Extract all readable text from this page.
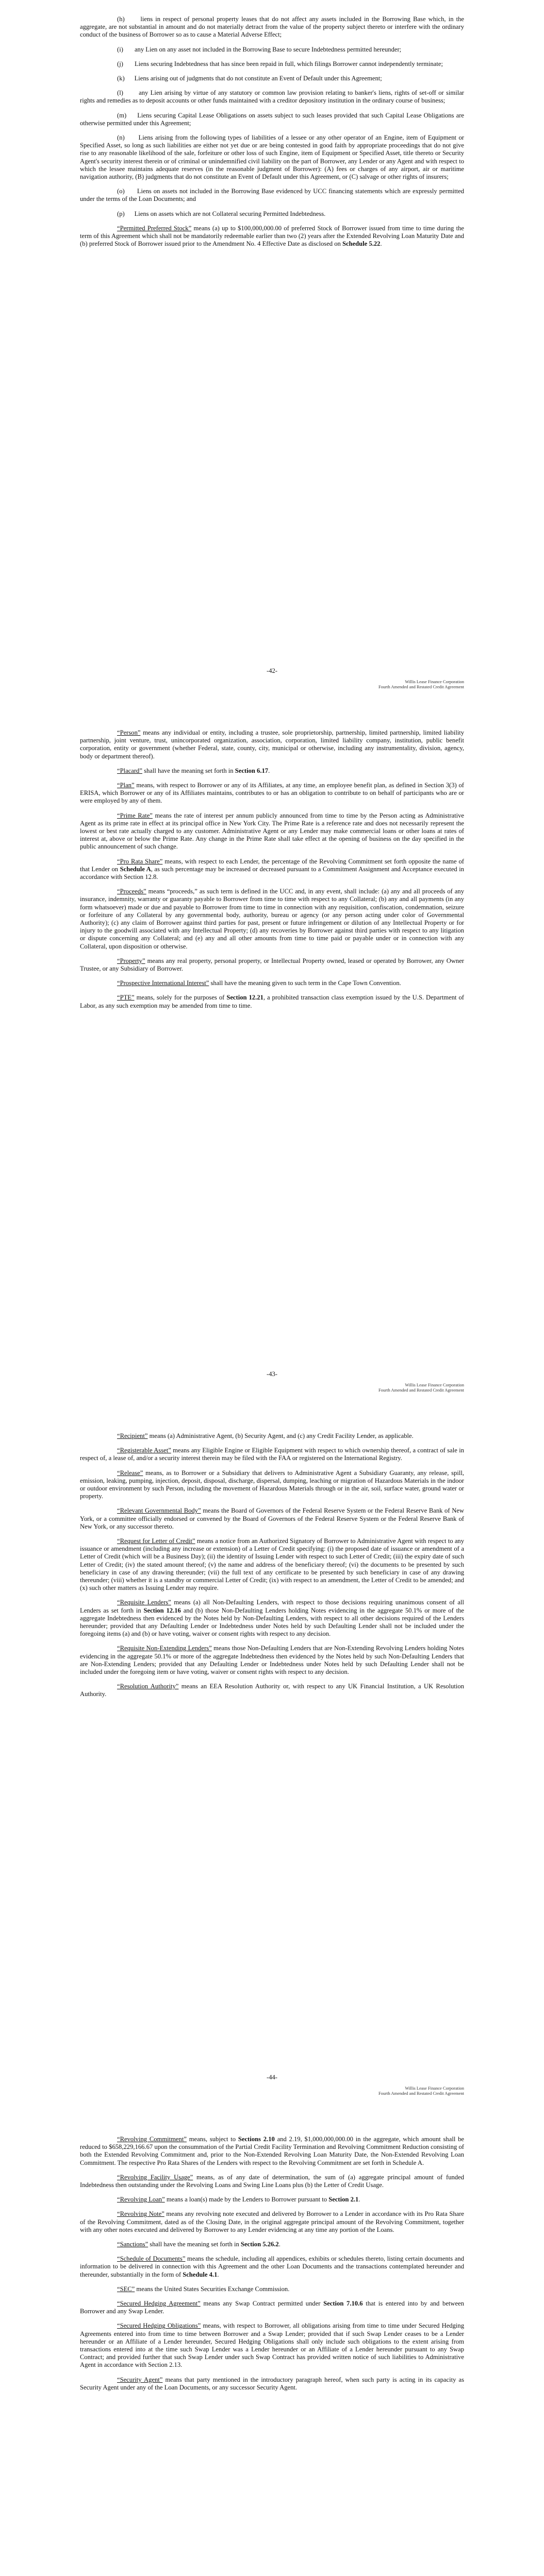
(h) liens in respect of personal property leases that do not affect any assets included in the Borrowing Base which, in the aggregate, are not substantial in amount and do not materially detract from the value of the property subject thereto or interfere with the ordinary conduct of the business of Borrower so as to cause a Material Adverse Effect;

(i) any Lien on any asset not included in the Borrowing Base to secure Indebtedness permitted hereunder;

(j) Liens securing Indebtedness that has since been repaid in full, which filings Borrower cannot independently terminate;

(k) Liens arising out of judgments that do not constitute an Event of Default under this Agreement;

(l) any Lien arising by virtue of any statutory or common law provision relating to banker's liens, rights of set-off or similar rights and remedies as to deposit accounts or other funds maintained with a creditor depository institution in the ordinary course of business;

(m) Liens securing Capital Lease Obligations on assets subject to such leases provided that such Capital Lease Obligations are otherwise permitted under this Agreement;

(n) Liens arising from the following types of liabilities of a lessee or any other operator of an Engine, item of Equipment or Specified Asset, so long as such liabilities are either not yet due or are being contested in good faith by appropriate proceedings that do not give rise to any reasonable likelihood of the sale, forfeiture or other loss of such Engine, item of Equipment or Specified Asset, title thereto or Security Agent's security interest therein or of criminal or unindemnified civil liability on the part of Borrower, any Lender or any Agent and with respect to which the lessee maintains adequate reserves (in the reasonable judgment of Borrower): (A) fees or charges of any airport, air or maritime navigation authority, (B) judgments that do not constitute an Event of Default under this Agreement, or (C) salvage or other rights of insurers;

(o) Liens on assets not included in the Borrowing Base evidenced by UCC financing statements which are expressly permitted under the terms of the Loan Documents; and

(p) Liens on assets which are not Collateral securing Permitted Indebtedness.

“Permitted Preferred Stock” means (a) up to $100,000,000.00 of preferred Stock of Borrower issued from time to time during the term of this Agreement which shall not be mandatorily redeemable earlier than two (2) years after the Extended Revolving Loan Maturity Date and (b) preferred Stock of Borrower issued prior to the Amendment No. 4 Effective Date as disclosed on Schedule 5.22.

-42-
Willis Lease Finance Corporation
Fourth Amended and Restated Credit Agreement

“Person” means any individual or entity, including a trustee, sole proprietorship, partnership, limited partnership, limited liability partnership, joint venture, trust, unincorporated organization, association, corporation, limited liability company, institution, public benefit corporation, entity or government (whether Federal, state, county, city, municipal or otherwise, including any instrumentality, division, agency, body or department thereof).

“Placard” shall have the meaning set forth in Section 6.17.

“Plan” means, with respect to Borrower or any of its Affiliates, at any time, an employee benefit plan, as defined in Section 3(3) of ERISA, which Borrower or any of its Affiliates maintains, contributes to or has an obligation to contribute to on behalf of participants who are or were employed by any of them.

“Prime Rate” means the rate of interest per annum publicly announced from time to time by the Person acting as Administrative Agent as its prime rate in effect at its principal office in New York City. The Prime Rate is a reference rate and does not necessarily represent the lowest or best rate actually charged to any customer. Administrative Agent or any Lender may make commercial loans or other loans at rates of interest at, above or below the Prime Rate. Any change in the Prime Rate shall take effect at the opening of business on the day specified in the public announcement of such change.

“Pro Rata Share” means, with respect to each Lender, the percentage of the Revolving Commitment set forth opposite the name of that Lender on Schedule A, as such percentage may be increased or decreased pursuant to a Commitment Assignment and Acceptance executed in accordance with Section 12.8.

“Proceeds” means “proceeds,” as such term is defined in the UCC and, in any event, shall include: (a) any and all proceeds of any insurance, indemnity, warranty or guaranty payable to Borrower from time to time with respect to any Collateral; (b) any and all payments (in any form whatsoever) made or due and payable to Borrower from time to time in connection with any requisition, confiscation, condemnation, seizure or forfeiture of any Collateral by any governmental body, authority, bureau or agency (or any person acting under color of Governmental Authority); (c) any claim of Borrower against third parties for past, present or future infringement or dilution of any Intellectual Property or for injury to the goodwill associated with any Intellectual Property; (d) any recoveries by Borrower against third parties with respect to any litigation or dispute concerning any Collateral; and (e) any and all other amounts from time to time paid or payable under or in connection with any Collateral, upon disposition or otherwise.

“Property” means any real property, personal property, or Intellectual Property owned, leased or operated by Borrower, any Owner Trustee, or any Subsidiary of Borrower.

“Prospective International Interest” shall have the meaning given to such term in the Cape Town Convention.

“PTE” means, solely for the purposes of Section 12.21, a prohibited transaction class exemption issued by the U.S. Department of Labor, as any such exemption may be amended from time to time.

-43-
Willis Lease Finance Corporation
Fourth Amended and Restated Credit Agreement

“Recipient” means (a) Administrative Agent, (b) Security Agent, and (c) any Credit Facility Lender, as applicable.

“Registerable Asset” means any Eligible Engine or Eligible Equipment with respect to which ownership thereof, a contract of sale in respect of, a lease of, and/or a security interest therein may be filed with the FAA or registered on the International Registry.

“Release” means, as to Borrower or a Subsidiary that delivers to Administrative Agent a Subsidiary Guaranty, any release, spill, emission, leaking, pumping, injection, deposit, disposal, discharge, dispersal, dumping, leaching or migration of Hazardous Materials in the indoor or outdoor environment by such Person, including the movement of Hazardous Materials through or in the air, soil, surface water, ground water or property.

“Relevant Governmental Body” means the Board of Governors of the Federal Reserve System or the Federal Reserve Bank of New York, or a committee officially endorsed or convened by the Board of Governors of the Federal Reserve System or the Federal Reserve Bank of New York, or any successor thereto.

“Request for Letter of Credit” means a notice from an Authorized Signatory of Borrower to Administrative Agent with respect to any issuance or amendment (including any increase or extension) of a Letter of Credit specifying: (i) the proposed date of issuance or amendment of a Letter of Credit (which will be a Business Day); (ii) the identity of Issuing Lender with respect to such Letter of Credit; (iii) the expiry date of such Letter of Credit; (iv) the stated amount thereof; (v) the name and address of the beneficiary thereof; (vi) the documents to be presented by such beneficiary in case of any drawing thereunder; (vii) the full text of any certificate to be presented by such beneficiary in case of any drawing thereunder; (viii) whether it is a standby or commercial Letter of Credit; (ix) with respect to an amendment, the Letter of Credit to be amended; and (x) such other matters as Issuing Lender may require.

“Requisite Lenders” means (a) all Non-Defaulting Lenders, with respect to those decisions requiring unanimous consent of all Lenders as set forth in Section 12.16 and (b) those Non-Defaulting Lenders holding Notes evidencing in the aggregate 50.1% or more of the aggregate Indebtedness then evidenced by the Notes held by Non-Defaulting Lenders, with respect to all other decisions required of the Lenders hereunder; provided that any Defaulting Lender or Indebtedness under Notes held by such Defaulting Lender shall not be included under the foregoing items (a) and (b) or have voting, waiver or consent rights with respect to any decision.

“Requisite Non-Extending Lenders” means those Non-Defaulting Lenders that are Non-Extending Revolving Lenders holding Notes evidencing in the aggregate 50.1% or more of the aggregate Indebtedness then evidenced by the Notes held by such Non-Defaulting Lenders that are Non-Extending Lenders; provided that any Defaulting Lender or Indebtedness under Notes held by such Defaulting Lender shall not be included under the foregoing item or have voting, waiver or consent rights with respect to any decision.

“Resolution Authority” means an EEA Resolution Authority or, with respect to any UK Financial Institution, a UK Resolution Authority.

-44-
Willis Lease Finance Corporation
Fourth Amended and Restated Credit Agreement

“Revolving Commitment” means, subject to Sections 2.10 and 2.19, $1,000,000,000.00 in the aggregate, which amount shall be reduced to $658,229,166.67 upon the consummation of the Partial Credit Facility Termination and Revolving Commitment Reduction consisting of both the Extended Revolving Commitment and, prior to the Non-Extended Revolving Loan Maturity Date, the Non-Extended Revolving Loan Commitment. The respective Pro Rata Shares of the Lenders with respect to the Revolving Commitment are set forth in Schedule A.

“Revolving Facility Usage” means, as of any date of determination, the sum of (a) aggregate principal amount of funded Indebtedness then outstanding under the Revolving Loans and Swing Line Loans plus (b) the Letter of Credit Usage.

“Revolving Loan” means a loan(s) made by the Lenders to Borrower pursuant to Section 2.1.

“Revolving Note” means any revolving note executed and delivered by Borrower to a Lender in accordance with its Pro Rata Share of the Revolving Commitment, dated as of the Closing Date, in the original aggregate principal amount of the Revolving Commitment, together with any other notes executed and delivered by Borrower to any Lender evidencing at any time any portion of the Loans.

“Sanctions” shall have the meaning set forth in Section 5.26.2.

“Schedule of Documents” means the schedule, including all appendices, exhibits or schedules thereto, listing certain documents and information to be delivered in connection with this Agreement and the other Loan Documents and the transactions contemplated hereunder and thereunder, substantially in the form of Schedule 4.1.

“SEC” means the United States Securities Exchange Commission.

“Secured Hedging Agreement” means any Swap Contract permitted under Section 7.10.6 that is entered into by and between Borrower and any Swap Lender.

“Secured Hedging Obligations” means, with respect to Borrower, all obligations arising from time to time under Secured Hedging Agreements entered into from time to time between Borrower and a Swap Lender; provided that if such Swap Lender ceases to be a Lender hereunder or an Affiliate of a Lender hereunder, Secured Hedging Obligations shall only include such obligations to the extent arising from transactions entered into at the time such Swap Lender was a Lender hereunder or an Affiliate of a Lender hereunder pursuant to any Swap Contract; and provided further that such Swap Lender under such Swap Contract has provided written notice of such liabilities to Administrative Agent in accordance with Section 2.13.

“Security Agent” means that party mentioned in the introductory paragraph hereof, when such party is acting in its capacity as Security Agent under any of the Loan Documents, or any successor Security Agent.
